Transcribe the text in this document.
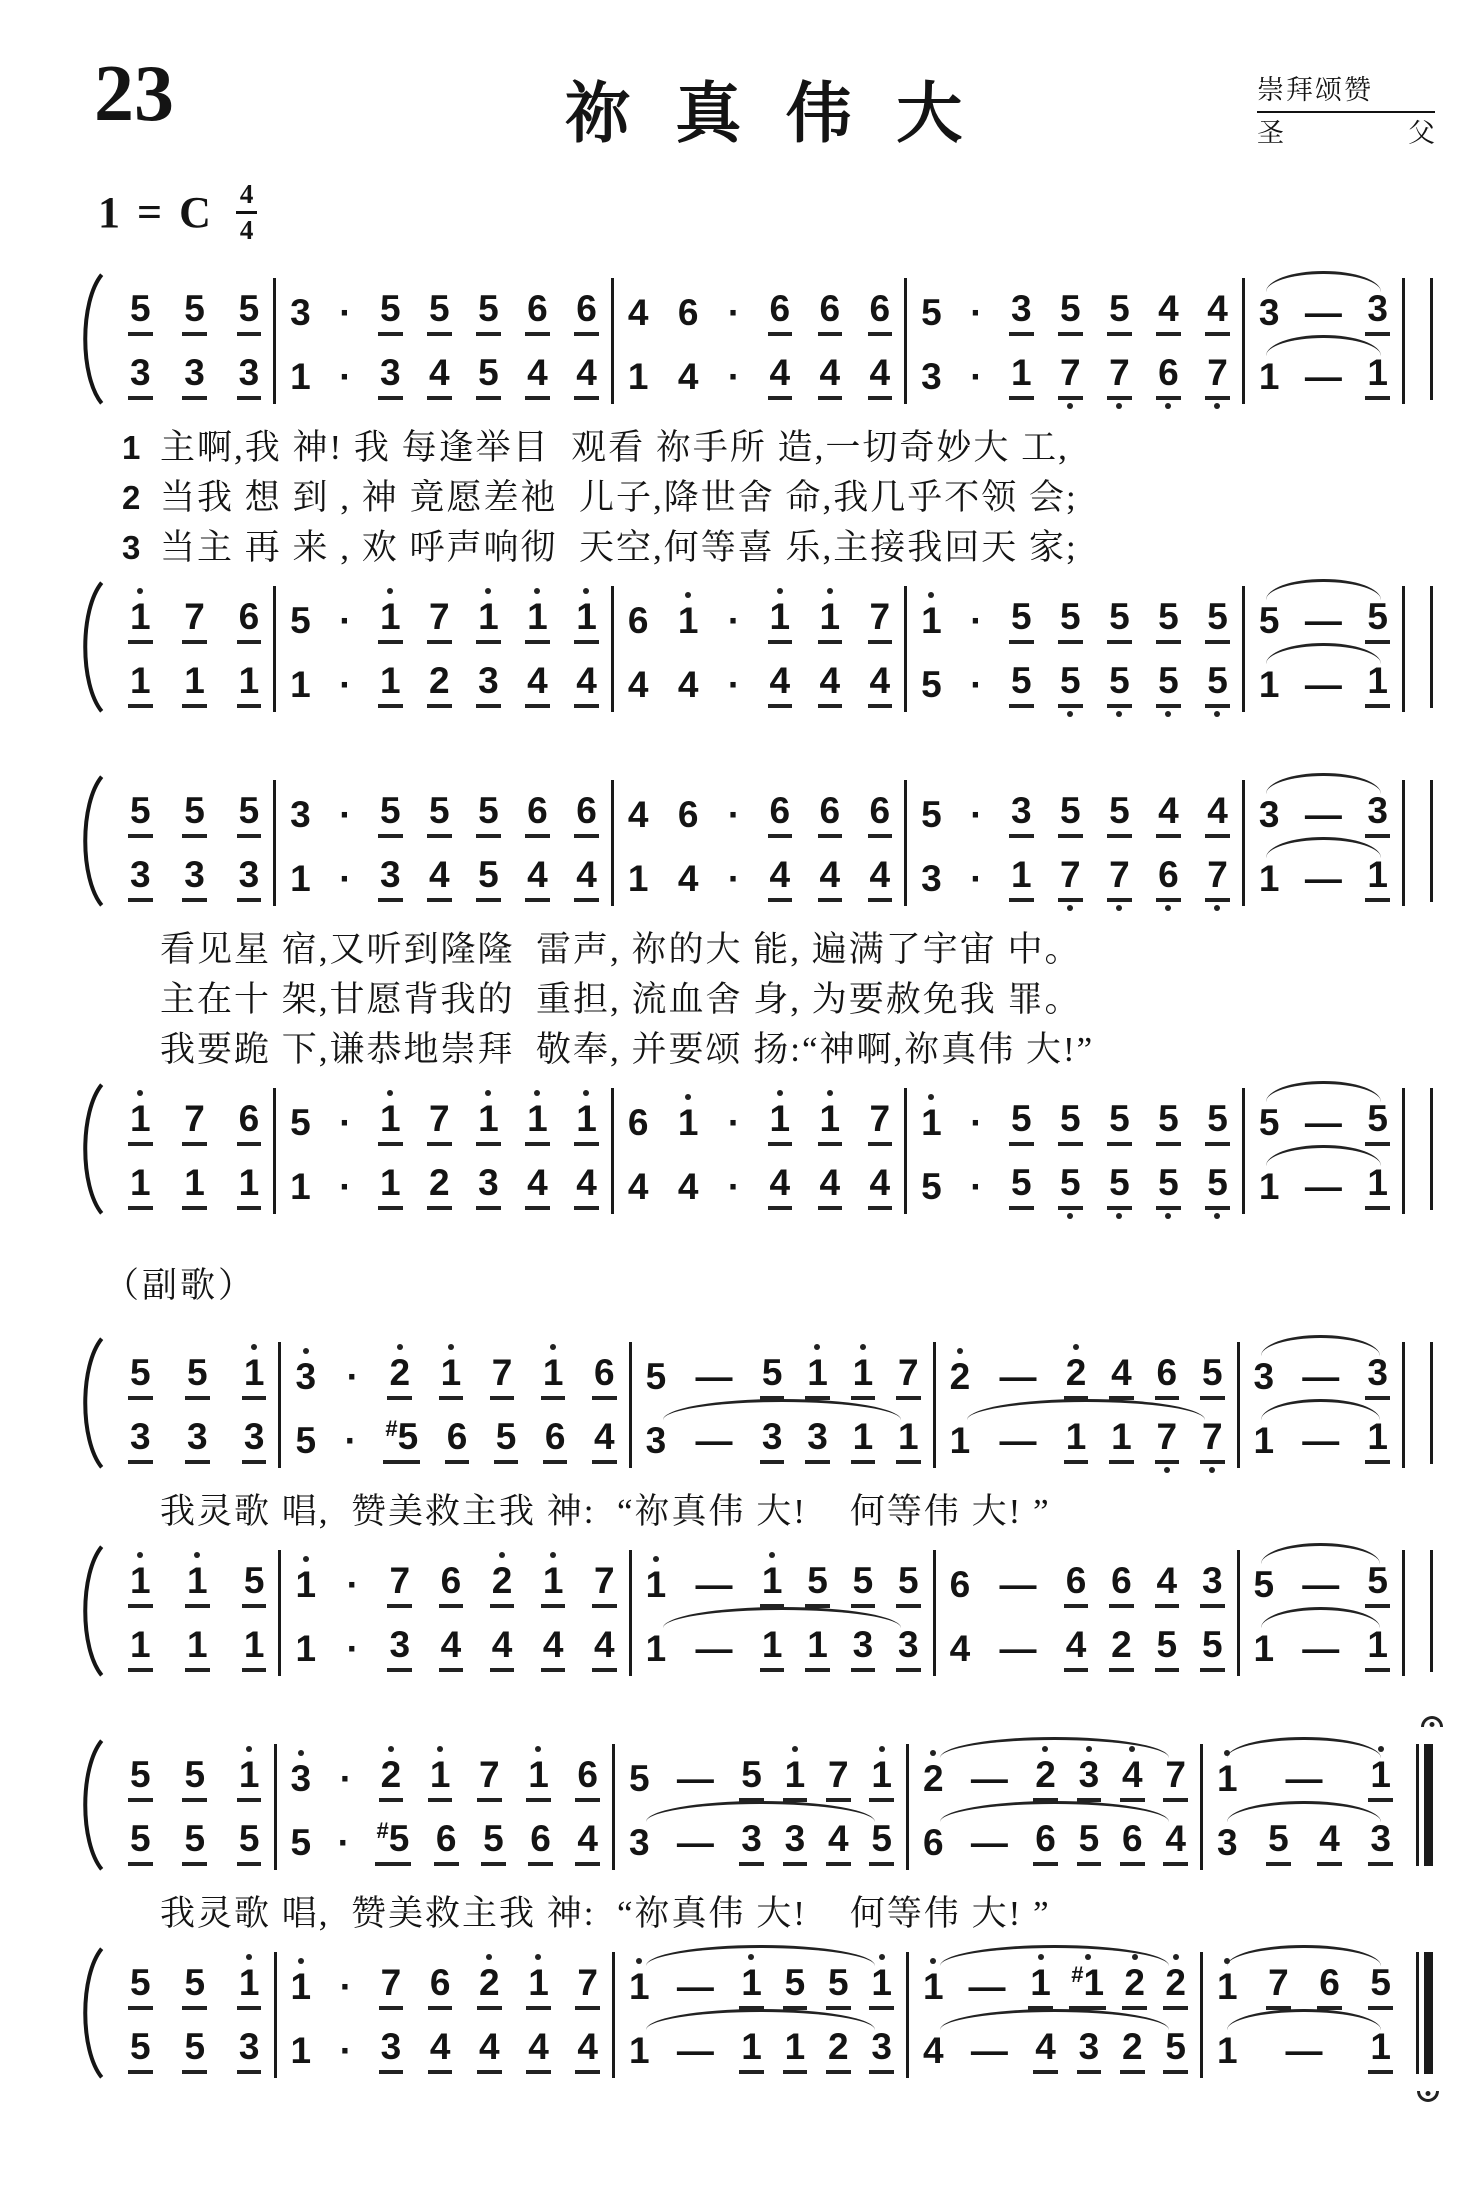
23	祢 真 伟 大	崇拜颂赞
圣 父
1 = C 4
4
5 5 5
3 3 3
3 · 5 5 5 6 6
1 · 3 4 5 4 4
4 6 · 6 6 6
1 4 · 4 4 4
5 · 3 5 5 4 4
3 · 1 7 7 6 7
3 — 3
1 — 1
1 主啊,我 神! 我 每逢举目  观看 祢手所 造,一切奇妙大 工,
2 当我 想 到 , 神 竟愿差祂  儿子,降世舍 命,我几乎不领 会;
3 当主 再 来 , 欢 呼声响彻  天空,何等喜 乐,主接我回天 家;
1 7 6
1 1 1
5 · 1 7 1 1 1
1 · 1 2 3 4 4
6 1 · 1 1 7
4 4 · 4 4 4
1 · 5 5 5 5 5
5 · 5 5 5 5 5
5 — 5
1 — 1
5 5 5
3 3 3
3 · 5 5 5 6 6
1 · 3 4 5 4 4
4 6 · 6 6 6
1 4 · 4 4 4
5 · 3 5 5 4 4
3 · 1 7 7 6 7
3 — 3
1 — 1
看见星 宿,又听到隆隆  雷声, 祢的大 能, 遍满了宇宙 中。
主在十 架,甘愿背我的  重担, 流血舍 身, 为要赦免我 罪。
我要跪 下,谦恭地崇拜  敬奉, 并要颂 扬:“神啊,祢真伟 大!”
1 7 6
1 1 1
5 · 1 7 1 1 1
1 · 1 2 3 4 4
6 1 · 1 1 7
4 4 · 4 4 4
1 · 5 5 5 5 5
5 · 5 5 5 5 5
5 — 5
1 — 1
（副歌）
5 5 1
3 3 3
3 · 2 1 7 1 6
5 · #5 6 5 6 4
5 — 5 1 1 7
3 — 3 3 1 1
2 — 2 4 6 5
1 — 1 1 7 7
3 — 3
1 — 1
我灵歌 唱,  赞美救主我 神:  “祢真伟 大!    何等伟 大! ”
1 1 5
1 1 1
1 · 7 6 2 1 7
1 · 3 4 4 4 4
1 — 1 5 5 5
1 — 1 1 3 3
6 — 6 6 4 3
4 — 4 2 5 5
5 — 5
1 — 1
5 5 1
5 5 5
3 · 2 1 7 1 6
5 · #5 6 5 6 4
5 — 5 1 7 1
3 — 3 3 4 5
2 — 2 3 4 7
6 — 6 5 6 4
1 — 1
3 5 4 3
我灵歌 唱,  赞美救主我 神:  “祢真伟 大!    何等伟 大! ”
5 5 1
5 5 3
1 · 7 6 2 1 7
1 · 3 4 4 4 4
1 — 1 5 5 1
1 — 1 1 2 3
1 — 1 #1 2 2
4 — 4 3 2 5
1 7 6 5
1 — 1
